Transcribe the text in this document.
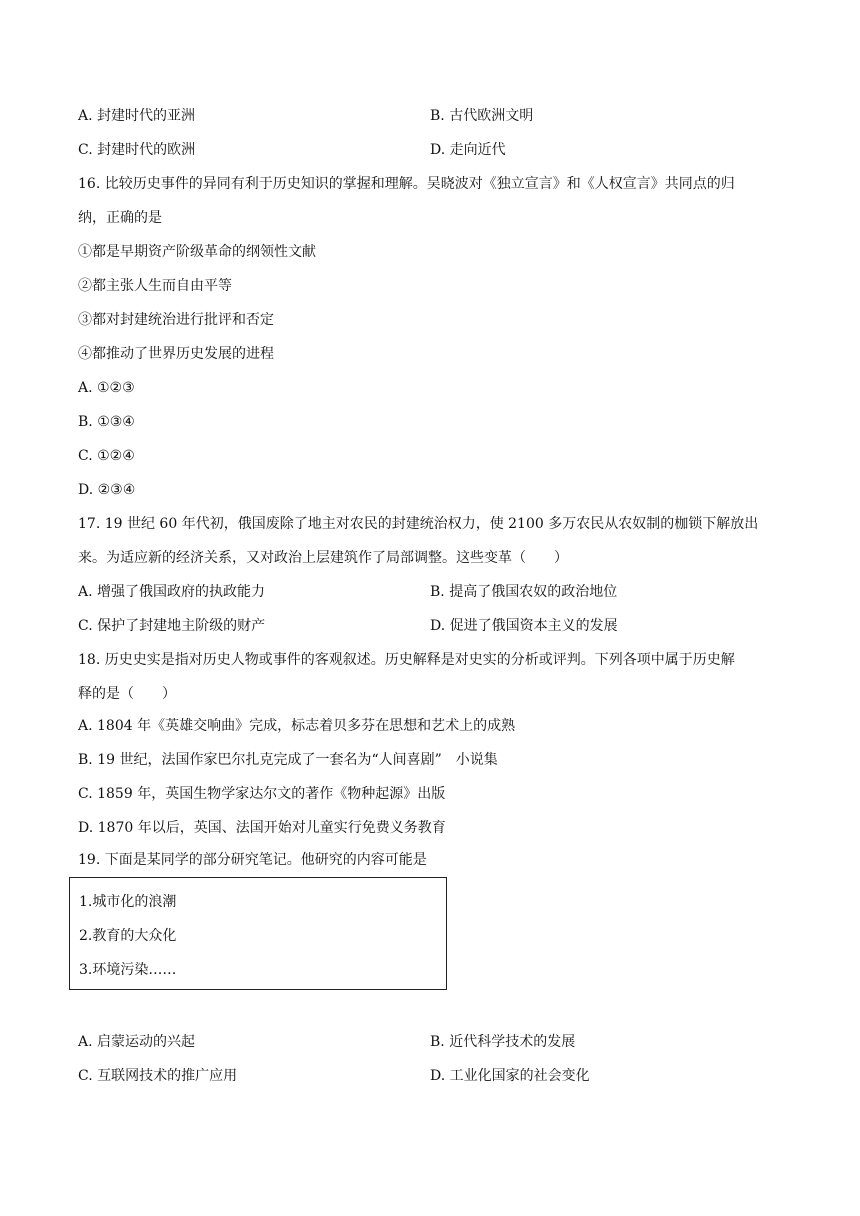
A. 封建时代的亚洲	B. 古代欧洲文明
C. 封建时代的欧洲	D. 走向近代
16. 比较历史事件的异同有利于历史知识的掌握和理解。吴晓波对《独立宣言》和《人权宣言》共同点的归
纳，正确的是
①都是早期资产阶级革命的纲领性文献
②都主张人生而自由平等
③都对封建统治进行批评和否定
④都推动了世界历史发展的进程
A. ①②③
B. ①③④
C. ①②④
D. ②③④
17. 19 世纪 60 年代初，俄国废除了地主对农民的封建统治权力，使 2100 多万农民从农奴制的枷锁下解放出
来。为适应新的经济关系，又对政治上层建筑作了局部调整。这些变革（　　）
A. 增强了俄国政府的执政能力	B. 提高了俄国农奴的政治地位
C. 保护了封建地主阶级的财产	D. 促进了俄国资本主义的发展
18. 历史史实是指对历史人物或事件的客观叙述。历史解释是对史实的分析或评判。下列各项中属于历史解
释的是（　　）
A. 1804 年《英雄交响曲》完成，标志着贝多芬在思想和艺术上的成熟
B. 19 世纪，法国作家巴尔扎克完成了一套名为“人间喜剧”　小说集
C. 1859 年，英国生物学家达尔文的著作《物种起源》出版
D. 1870 年以后，英国、法国开始对儿童实行免费义务教育
19. 下面是某同学的部分研究笔记。他研究的内容可能是
1.城市化的浪潮
2.教育的大众化
3.环境污染……
A. 启蒙运动的兴起	B. 近代科学技术的发展
C. 互联网技术的推广应用	D. 工业化国家的社会变化
